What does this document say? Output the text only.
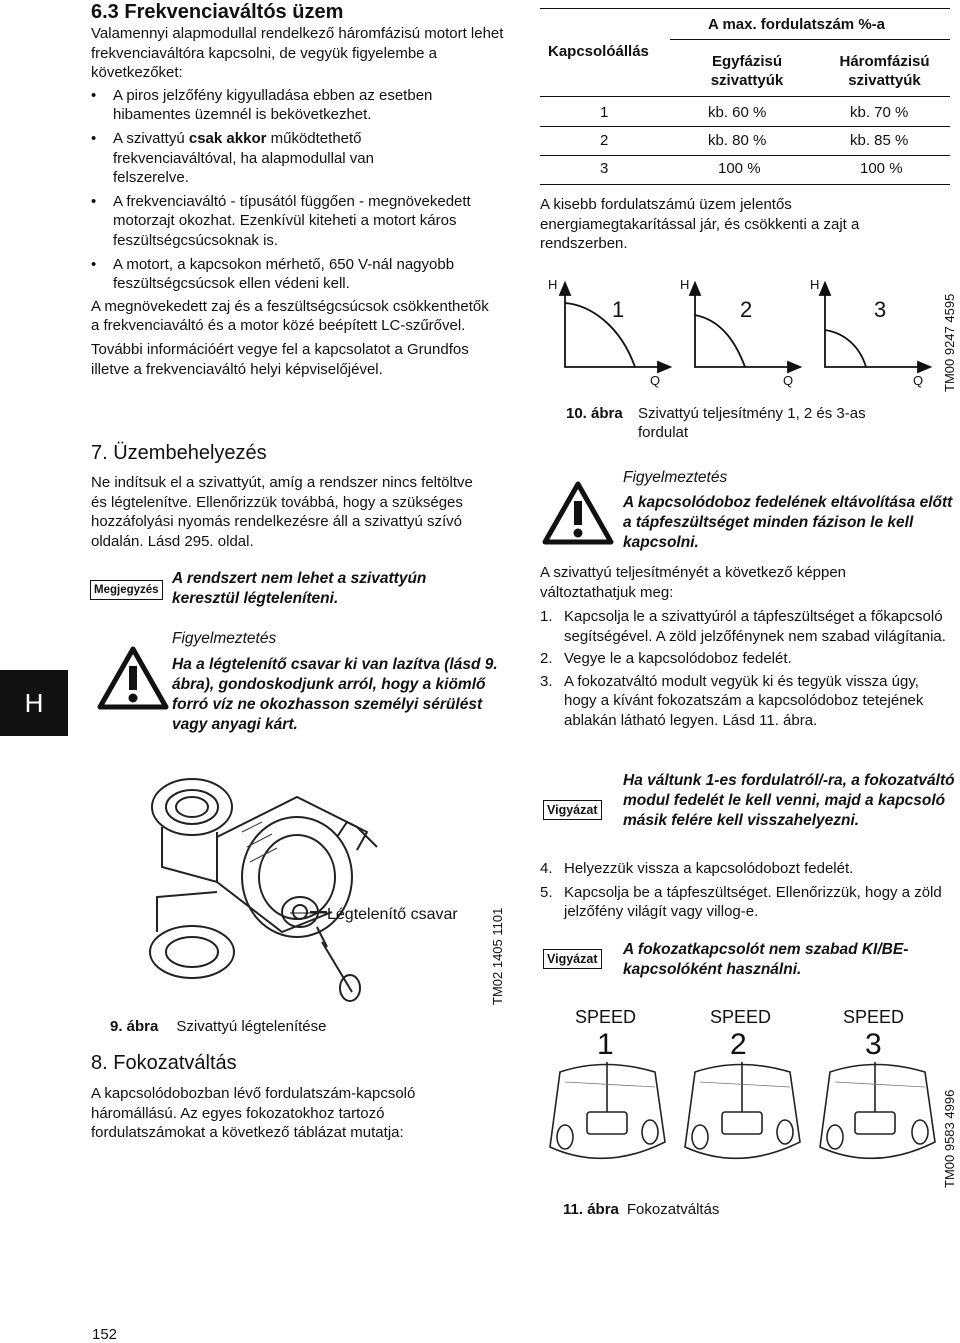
6.3 Frekvenciaváltós üzem

Valamennyi alapmodullal rendelkező háromfázisú motort lehet frekvenciaváltóra kapcsolni, de vegyük figyelembe a következőket:

• A piros jelzőfény kigyulladása ebben az esetben hibamentes üzemnél is bekövetkezhet.

• A szivattyú csak akkor működtethető frekvenciaváltóval, ha alapmodullal van felszerelve.

• A frekvenciaváltó - típusától függően - megnövekedett motorzajt okozhat. Ezenkívül kiteheti a motort káros feszültségcsúcsoknak is.

• A motort, a kapcsokon mérhető, 650 V-nál nagyobb feszültségcsúcsok ellen védeni kell.

A megnövekedett zaj és a feszültségcsúcsok csökkenthetők a frekvenciaváltó és a motor közé beépített LC-szűrővel.

További információért vegye fel a kapcsolatot a Grundfos illetve a frekvenciaváltó helyi képviselőjével.

7. Üzembehelyezés

Ne indítsuk el a szivattyút, amíg a rendszer nincs feltöltve és légtelenítve. Ellenőrizzük továbbá, hogy a szükséges hozzáfolyási nyomás rendelkezésre áll a szivattyú szívó oldalán. Lásd 295. oldal.

Megjegyzés

A rendszert nem lehet a szivattyún keresztül légteleníteni.

Figyelmeztetés

Ha a légtelenítő csavar ki van lazítva (lásd 9. ábra), gondoskodjunk arról, hogy a kiömlő forró víz ne okozhasson személyi sérülést vagy anyagi kárt.

Légtelenítő csavar TM02 1405 1101

9. ábra Szivattyú légtelenítése

8. Fokozatváltás

A kapcsolódobozban lévő fordulatszám-kapcsoló háromállású. Az egyes fokozatokhoz tartozó fordulatszámokat a következő táblázat mutatja:

Kapcsolóállás
A max. fordulatszám %-a
Egyfázisú szivattyúk
Háromfázisú szivattyúk
1	kb. 60 %	kb. 70 %
2	kb. 80 %	kb. 85 %
3	100 %	100 %

A kisebb fordulatszámú üzem jelentős energiamegtakarítással jár, és csökkenti a zajt a rendszerben.

H
1
Q
H
2
Q
H
3
Q TM00 9247 4595
10. ábra Szivattyú teljesítmény 1, 2 és 3-as fordulat

Figyelmeztetés

A kapcsolódoboz fedelének eltávolítása előtt a tápfeszültséget minden fázison le kell kapcsolni.

A szivattyú teljesítményét a következő képpen változtathatjuk meg:

1. Kapcsolja le a szivattyúról a tápfeszültséget a főkapcsoló segítségével. A zöld jelzőfénynek nem szabad világítania.

2. Vegye le a kapcsolódoboz fedelét.

3. A fokozatváltó modult vegyük ki és tegyük vissza úgy, hogy a kívánt fokozatszám a kapcsolódoboz tetejének ablakán látható legyen. Lásd 11. ábra.

Vigyázat

Ha váltunk 1-es fordulatról/-ra, a fokozatváltó modul fedelét le kell venni, majd a kapcsoló másik felére kell visszahelyezni.

4. Helyezzük vissza a kapcsolódobozt fedelét.

5. Kapcsolja be a tápfeszültséget. Ellenőrizzük, hogy a zöld jelzőfény világít vagy villog-e.

Vigyázat

A fokozatkapcsolót nem szabad KI/BE-kapcsolóként használni.

SPEED
1
SPEED
2
SPEED
3
TM00 9583 4996

11. ábra Fokozatváltás

H
152
